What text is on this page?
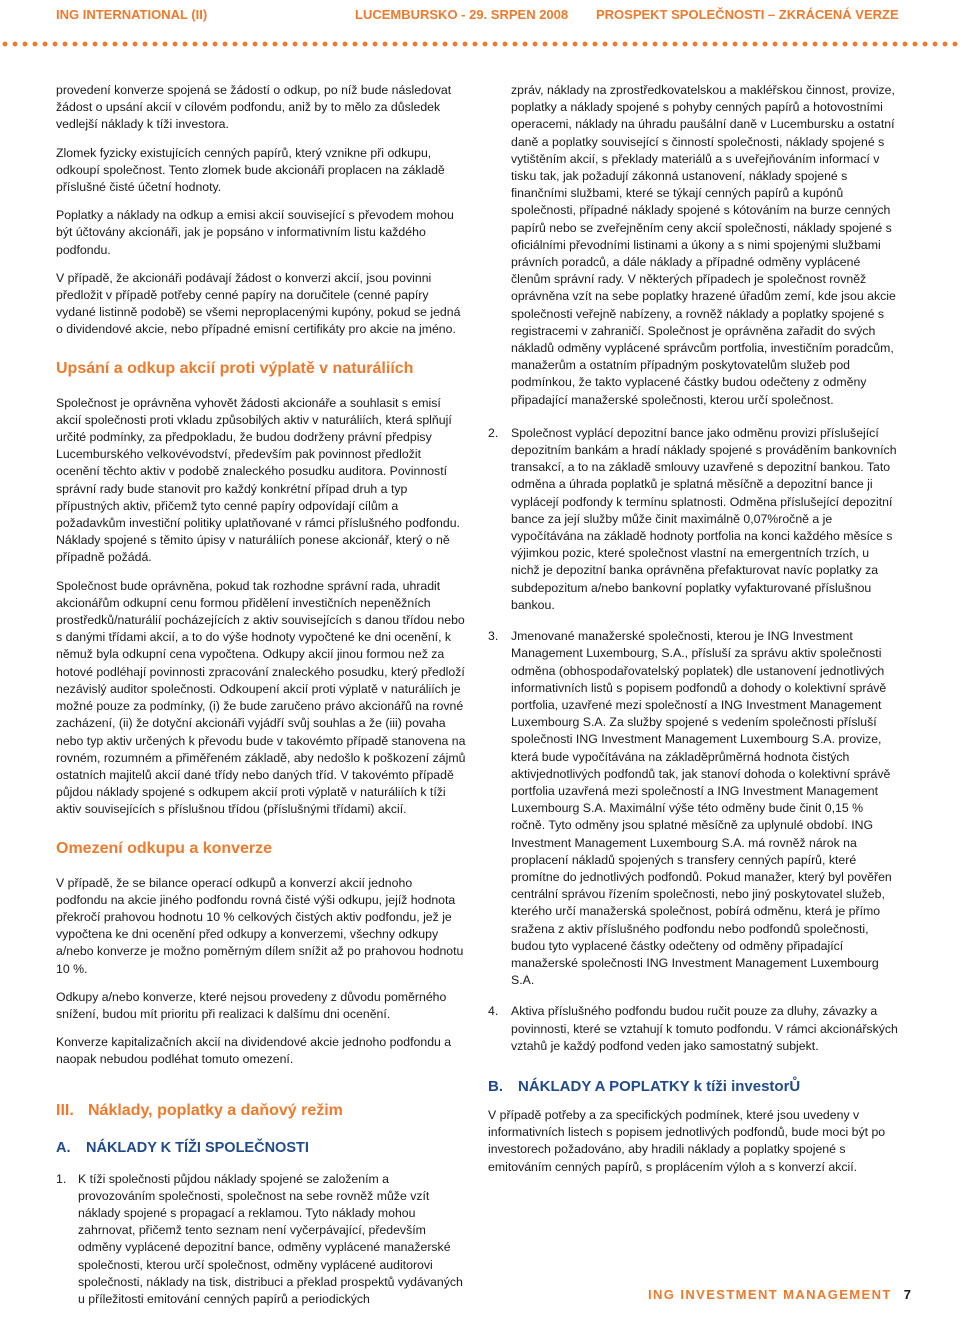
ING INTERNATIONAL (II)	LUCEMBURSKO - 29. SRPEN 2008 PROSPEKT SPOLEČNOSTI – ZKRÁCENÁ VERZE

provedení konverze spojená se žádostí o odkup, po níž bude následovat žádost o upsání akcií v cílovém podfondu, aniž by to mělo za důsledek vedlejší náklady k tíži investora.

Zlomek fyzicky existujících cenných papírů, který vznikne při odkupu, odkoupí společnost. Tento zlomek bude akcionáři proplacen na základě příslušné čisté účetní hodnoty.

Poplatky a náklady na odkup a emisi akcií související s převodem mohou být účtovány akcionáři, jak je popsáno v informativním listu každého podfondu.

V případě, že akcionáři podávají žádost o konverzi akcií, jsou povinni předložit v případě potřeby cenné papíry na doručitele (cenné papíry vydané listinně podobě) se všemi neproplacenými kupóny, pokud se jedná o dividendové akcie, nebo případné emisní certifikáty pro akcie na jméno.

Upsání a odkup akcií proti výplatě v naturáliích

Společnost je oprávněna vyhovět žádosti akcionáře a souhlasit s emisí akcií společnosti proti vkladu způsobilých aktiv v naturáliích, která splňují určité podmínky, za předpokladu, že budou dodrženy právní předpisy Lucemburského velkovévodství, především pak povinnost předložit ocenění těchto aktiv v podobě znaleckého posudku auditora. Povinností správní rady bude stanovit pro každý konkrétní případ druh a typ přípustných aktiv, přičemž tyto cenné papíry odpovídají cílům a požadavkům investiční politiky uplatňované v rámci příslušného podfondu. Náklady spojené s těmito úpisy v naturáliích ponese akcionář, který o ně případně požádá.

Společnost bude oprávněna, pokud tak rozhodne správní rada, uhradit akcionářům odkupní cenu formou přidělení investičních nepeněžních prostředků/naturálií pocházejících z aktiv souvisejících s danou třídou nebo s danými třídami akcií, a to do výše hodnoty vypočtené ke dni ocenění, k němuž byla odkupní cena vypočtena. Odkupy akcií jinou formou než za hotové podléhají povinnosti zpracování znaleckého posudku, který předloží nezávislý auditor společnosti. Odkoupení akcií proti výplatě v naturáliích je možné pouze za podmínky, (i) že bude zaručeno právo akcionářů na rovné zacházení, (ii) že dotyční akcionáři vyjádří svůj souhlas a že (iii) povaha nebo typ aktiv určených k převodu bude v takovémto případě stanovena na rovném, rozumném a přiměřeném základě, aby nedošlo k poškození zájmů ostatních majitelů akcií dané třídy nebo daných tříd. V takovémto případě půjdou náklady spojené s odkupem akcií proti výplatě v naturáliích k tíži aktiv souvisejících s příslušnou třídou (příslušnými třídami) akcií.

Omezení odkupu a konverze

V případě, že se bilance operací odkupů a konverzí akcií jednoho podfondu na akcie jiného podfondu rovná čisté výši odkupu, jejíž hodnota překročí prahovou hodnotu 10 % celkových čistých aktiv podfondu, jež je vypočtena ke dni ocenění před odkupy a konverzemi, všechny odkupy a/nebo konverze je možno poměrným dílem snížit až po prahovou hodnotu 10 %.

Odkupy a/nebo konverze, které nejsou provedeny z důvodu poměrného snížení, budou mít prioritu při realizaci k dalšímu dni ocenění.

Konverze kapitalizačních akcií na dividendové akcie jednoho podfondu a naopak nebudou podléhat tomuto omezení.

III. Náklady, poplatky a daňový režim
A. NÁKLADY K TÍŽI SPOLEČNOSTI
1. K tíži společnosti půjdou náklady spojené se založením a provozováním společnosti, společnost na sebe rovněž může vzít náklady spojené s propagací a reklamou. Tyto náklady mohou zahrnovat, přičemž tento seznam není vyčerpávající, především odměny vyplácené depozitní bance, odměny vyplácené manažerské společnosti, kterou určí společnost, odměny vyplácené auditorovi společnosti, náklady na tisk, distribuci a překlad prospektů vydávaných u příležitosti emitování cenných papírů a periodických
zpráv, náklady na zprostředkovatelskou a makléřskou činnost, provize, poplatky a náklady spojené s pohyby cenných papírů a hotovostními operacemi, náklady na úhradu paušální daně v Lucembursku a ostatní daně a poplatky související s činností společnosti, náklady spojené s vytištěním akcií, s překlady materiálů a s uveřejňováním informací v tisku tak, jak požadují zákonná ustanovení, náklady spojené s finančními službami, které se týkají cenných papírů a kupónů společnosti, případné náklady spojené s kótováním na burze cenných papírů nebo se zveřejněním ceny akcií společnosti, náklady spojené s oficiálními převodními listinami a úkony a s nimi spojenými službami právních poradců, a dále náklady a případné odměny vyplácené členům správní rady. V některých případech je společnost rovněž oprávněna vzít na sebe poplatky hrazené úřadům zemí, kde jsou akcie společnosti veřejně nabízeny, a rovněž náklady a poplatky spojené s registracemi v zahraničí. Společnost je oprávněna zařadit do svých nákladů odměny vyplácené správcům portfolia, investičním poradcům, manažerům a ostatním případným poskytovatelům služeb pod podmínkou, že takto vyplacené částky budou odečteny z odměny připadající manažerské společnosti, kterou určí společnost.
2. Společnost vyplácí depozitní bance jako odměnu provizi příslušející depozitním bankám a hradí náklady spojené s prováděním bankovních transakcí, a to na základě smlouvy uzavřené s depozitní bankou. Tato odměna a úhrada poplatků je splatná měsíčně a depozitní bance ji vyplácejí podfondy k termínu splatnosti. Odměna příslušející depozitní bance za její služby může činit maximálně 0,07%ročně a je vypočítávána na základě hodnoty portfolia na konci každého měsíce s výjimkou pozic, které společnost vlastní na emergentních trzích, u nichž je depozitní banka oprávněna přefakturovat navíc poplatky za subdepozitum a/nebo bankovní poplatky vyfakturované příslušnou bankou.
3. Jmenované manažerské společnosti, kterou je ING Investment Management Luxembourg, S.A., přísluší za správu aktiv společnosti odměna (obhospodařovatelský poplatek) dle ustanovení jednotlivých informativních listů s popisem podfondů a dohody o kolektivní správě portfolia, uzavřené mezi společností a ING Investment Management Luxembourg S.A. Za služby spojené s vedením společnosti přísluší společnosti ING Investment Management Luxembourg S.A. provize, která bude vypočítávána na základěprůměrná hodnota čistých aktivjednotlivých podfondů tak, jak stanoví dohoda o kolektivní správě portfolia uzavřená mezi společností a ING Investment Management Luxembourg S.A. Maximální výše této odměny bude činit 0,15 % ročně. Tyto odměny jsou splatné měsíčně za uplynulé období. ING Investment Management Luxembourg S.A. má rovněž nárok na proplacení nákladů spojených s transfery cenných papírů, které promítne do jednotlivých podfondů. Pokud manažer, který byl pověřen centrální správou řízením společnosti, nebo jiný poskytovatel služeb, kterého určí manažerská společnost, pobírá odměnu, která je přímo sražena z aktiv příslušného podfondu nebo podfondů společnosti, budou tyto vyplacené částky odečteny od odměny připadající manažerské společnosti ING Investment Management Luxembourg S.A.
4. Aktiva příslušného podfondu budou ručit pouze za dluhy, závazky a povinnosti, které se vztahují k tomuto podfondu. V rámci akcionářských vztahů je každý podfond veden jako samostatný subjekt.
B. NÁKLADY A POPLATKY k tíži investorŮ

V případě potřeby a za specifických podmínek, které jsou uvedeny v informativních listech s popisem jednotlivých podfondů, bude moci být po investorech požadováno, aby hradili náklady a poplatky spojené s emitováním cenných papírů, s proplácením výloh a s konverzí akcií.

ING INVESTMENT MANAGEMENT 7
